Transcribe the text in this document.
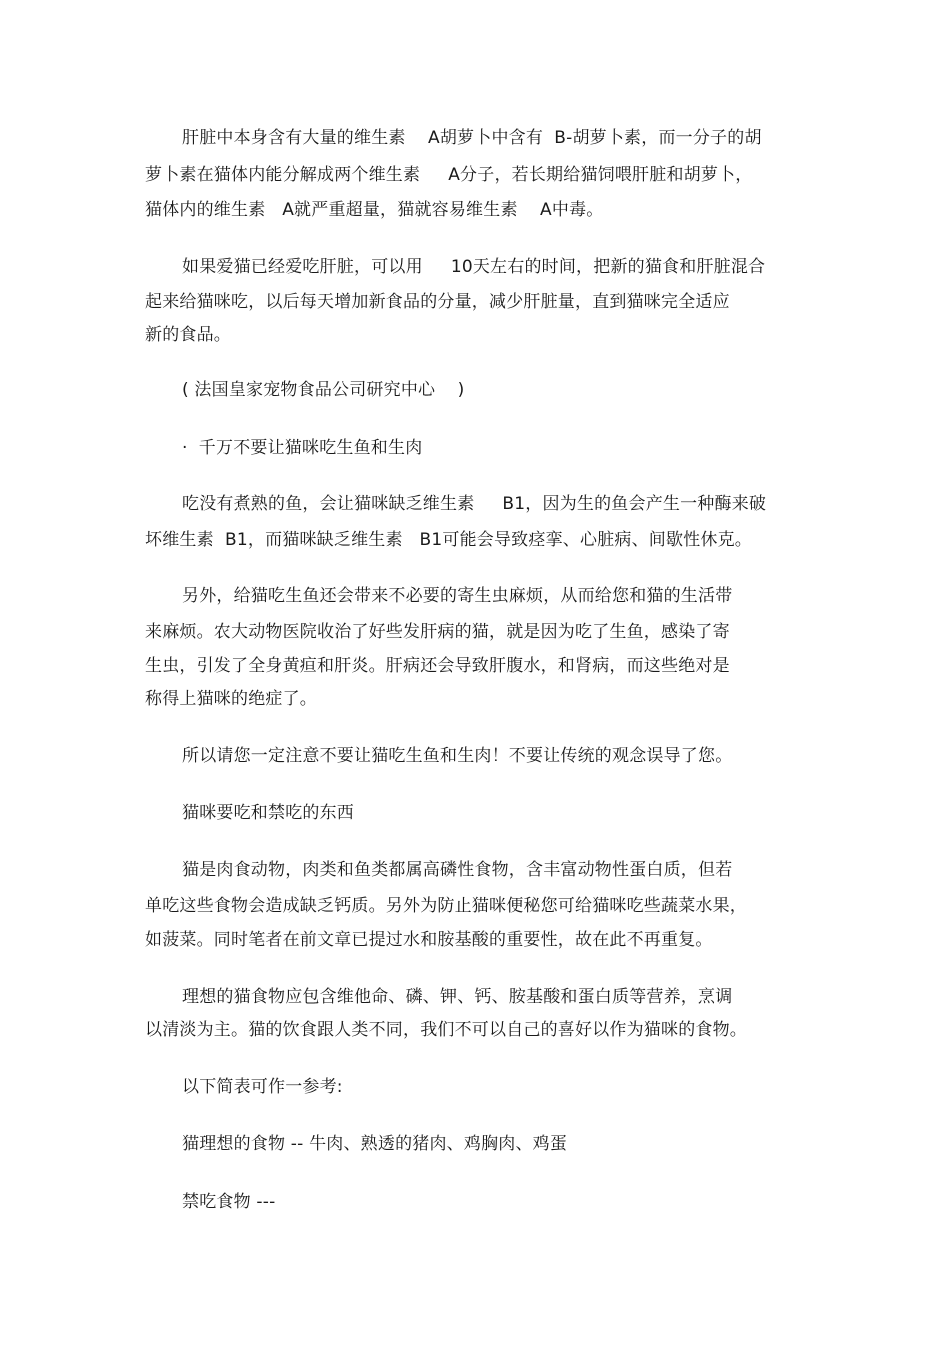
肝脏中本身含有大量的维生素    A胡萝卜中含有  B-胡萝卜素，而一分子的胡
萝卜素在猫体内能分解成两个维生素     A分子，若长期给猫饲喂肝脏和胡萝卜，
猫体内的维生素   A就严重超量，猫就容易维生素    A中毒。
如果爱猫已经爱吃肝脏，可以用     10天左右的时间，把新的猫食和肝脏混合
起来给猫咪吃，以后每天增加新食品的分量，减少肝脏量，直到猫咪完全适应
新的食品。
( 法国皇家宠物食品公司研究中心    )
·  千万不要让猫咪吃生鱼和生肉
吃没有煮熟的鱼，会让猫咪缺乏维生素     B1，因为生的鱼会产生一种酶来破
坏维生素  B1，而猫咪缺乏维生素   B1可能会导致痉挛、心脏病、间歇性休克。
另外，给猫吃生鱼还会带来不必要的寄生虫麻烦，从而给您和猫的生活带
来麻烦。农大动物医院收治了好些发肝病的猫，就是因为吃了生鱼，感染了寄
生虫，引发了全身黄疸和肝炎。肝病还会导致肝腹水，和肾病，而这些绝对是
称得上猫咪的绝症了。
所以请您一定注意不要让猫吃生鱼和生肉！不要让传统的观念误导了您。
猫咪要吃和禁吃的东西
猫是肉食动物，肉类和鱼类都属高磷性食物，含丰富动物性蛋白质，但若
单吃这些食物会造成缺乏钙质。另外为防止猫咪便秘您可给猫咪吃些蔬菜水果，
如菠菜。同时笔者在前文章已提过水和胺基酸的重要性，故在此不再重复。
理想的猫食物应包含维他命、磷、钾、钙、胺基酸和蛋白质等营养，烹调
以清淡为主。猫的饮食跟人类不同，我们不可以自己的喜好以作为猫咪的食物。
以下简表可作一参考:
猫理想的食物 -- 牛肉、熟透的猪肉、鸡胸肉、鸡蛋
禁吃食物 ---
